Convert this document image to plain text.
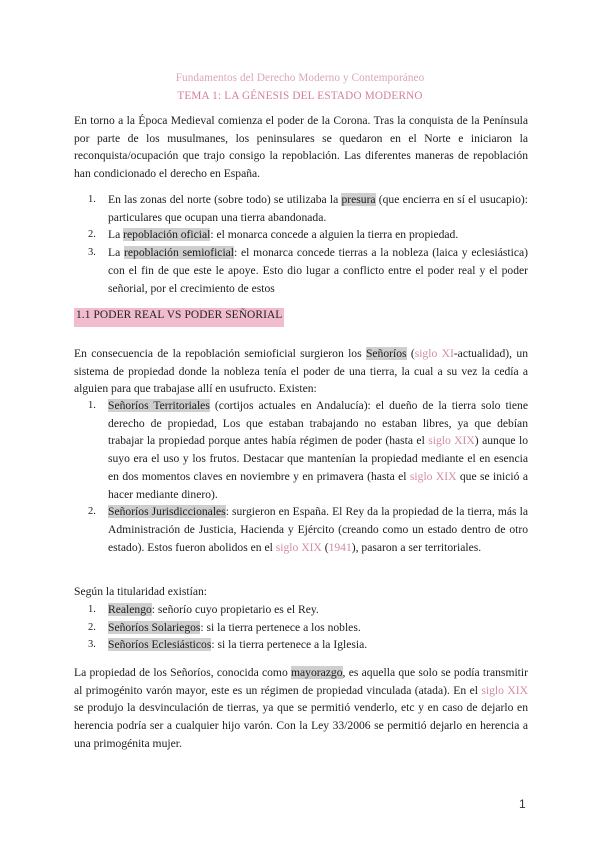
Fundamentos del Derecho Moderno y Contemporáneo
TEMA 1: LA GÉNESIS DEL ESTADO MODERNO

En torno a la Época Medieval comienza el poder de la Corona. Tras la conquista de la Península por parte de los musulmanes, los peninsulares se quedaron en el Norte e iniciaron la reconquista/ocupación que trajo consigo la repoblación. Las diferentes maneras de repoblación han condicionado el derecho en España.

1. En las zonas del norte (sobre todo) se utilizaba la presura (que encierra en sí el usucapio): particulares que ocupan una tierra abandonada.
2. La repoblación oficial: el monarca concede a alguien la tierra en propiedad.
3. La repoblación semioficial: el monarca concede tierras a la nobleza (laica y eclesiástica) con el fin de que este le apoye. Esto dio lugar a conflicto entre el poder real y el poder señorial, por el crecimiento de estos
1.1 PODER REAL VS PODER SEÑORIAL

En consecuencia de la repoblación semioficial surgieron los Señoríos (siglo XI-actualidad), un sistema de propiedad donde la nobleza tenía el poder de una tierra, la cual a su vez la cedía a alguien para que trabajase allí en usufructo. Existen:

1. Señoríos Territoriales (cortijos actuales en Andalucía): el dueño de la tierra solo tiene derecho de propiedad, Los que estaban trabajando no estaban libres, ya que debían trabajar la propiedad porque antes había régimen de poder (hasta el siglo XIX) aunque lo suyo era el uso y los frutos. Destacar que mantenían la propiedad mediante el en esencia en dos momentos claves en noviembre y en primavera (hasta el siglo XIX que se inició a hacer mediante dinero).
2. Señoríos Jurisdiccionales: surgieron en España. El Rey da la propiedad de la tierra, más la Administración de Justicia, Hacienda y Ejército (creando como un estado dentro de otro estado). Estos fueron abolidos en el siglo XIX (1941), pasaron a ser territoriales.

Según la titularidad existían:

1. Realengo: señorío cuyo propietario es el Rey.
2. Señoríos Solariegos: si la tierra pertenece a los nobles.
3. Señoríos Eclesiásticos: si la tierra pertenece a la Iglesia.

La propiedad de los Señoríos, conocida como mayorazgo, es aquella que solo se podía transmitir al primogénito varón mayor, este es un régimen de propiedad vinculada (atada). En el siglo XIX se produjo la desvinculación de tierras, ya que se permitió venderlo, etc y en caso de dejarlo en herencia podría ser a cualquier hijo varón. Con la Ley 33/2006 se permitió dejarlo en herencia a una primogénita mujer.

1
